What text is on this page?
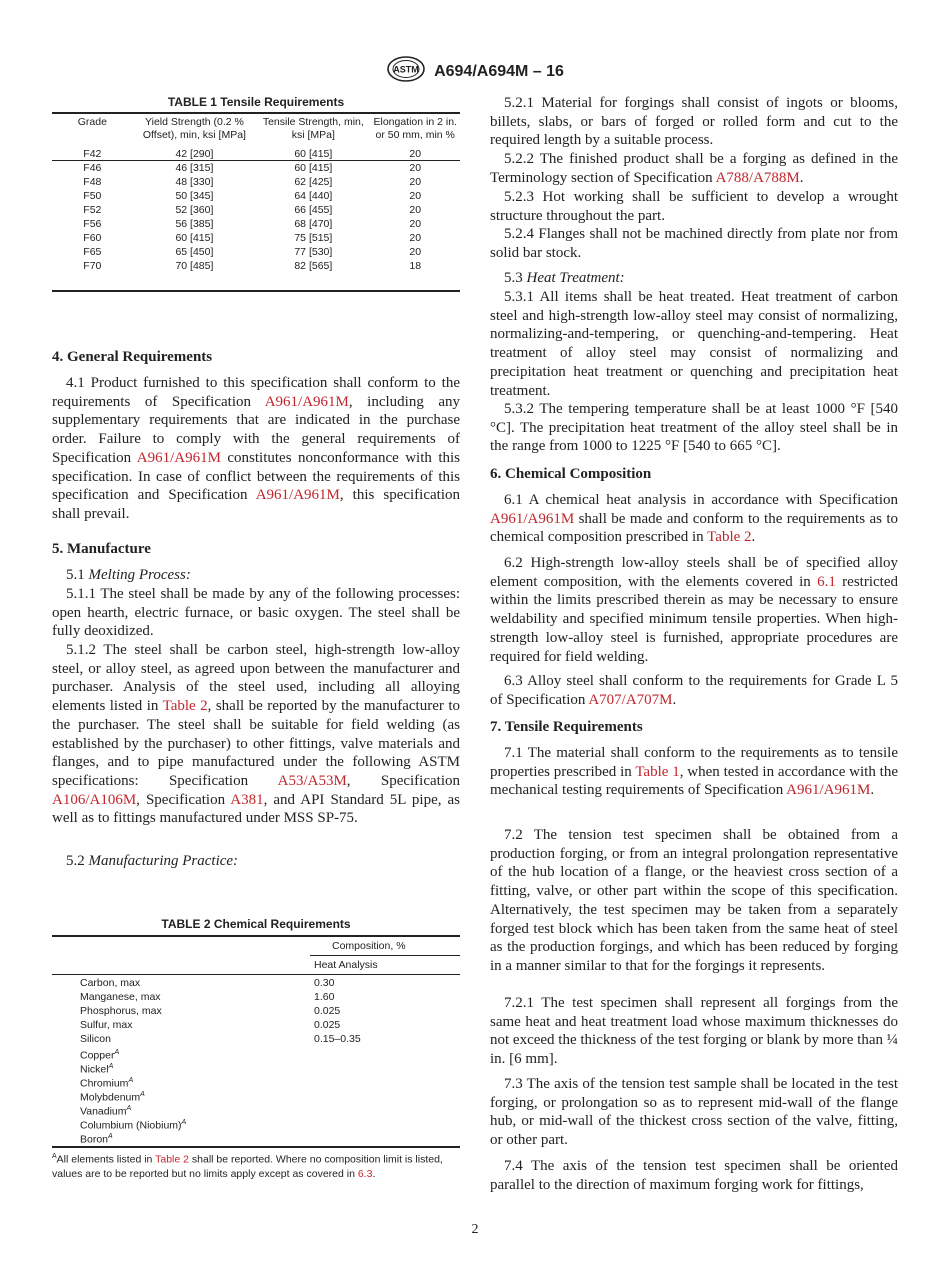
ASTM A694/A694M – 16
TABLE 1 Tensile Requirements
Grade	Yield Strength (0.2 % Offset), min, ksi [MPa]	Tensile Strength, min, ksi [MPa]	Elongation in 2 in. or 50 mm, min %
F42	42 [290]	60 [415]	20
F46	46 [315]	60 [415]	20
F48	48 [330]	62 [425]	20
F50	50 [345]	64 [440]	20
F52	52 [360]	66 [455]	20
F56	56 [385]	68 [470]	20
F60	60 [415]	75 [515]	20
F65	65 [450]	77 [530]	20
F70	70 [485]	82 [565]	18
4. General Requirements

4.1 Product furnished to this specification shall conform to the requirements of Specification A961/A961M, including any supplementary requirements that are indicated in the purchase order. Failure to comply with the general requirements of Specification A961/A961M constitutes nonconformance with this specification. In case of conflict between the requirements of this specification and Specification A961/A961M, this specification shall prevail.

5. Manufacture

5.1 Melting Process:

5.1.1 The steel shall be made by any of the following processes: open hearth, electric furnace, or basic oxygen. The steel shall be fully deoxidized.

5.1.2 The steel shall be carbon steel, high-strength low-alloy steel, or alloy steel, as agreed upon between the manufacturer and purchaser. Analysis of the steel used, including all alloying elements listed in Table 2, shall be reported by the manufacturer to the purchaser. The steel shall be suitable for field welding (as established by the purchaser) to other fittings, valve materials and flanges, and to pipe manufactured under the following ASTM specifications: Specification A53/A53M, Specification A106/A106M, Specification A381, and API Standard 5L pipe, as well as to fittings manufactured under MSS SP-75.

5.2 Manufacturing Practice:

TABLE 2 Chemical Requirements
Composition, %
Heat Analysis
Carbon, max	0.30
Manganese, max	1.60
Phosphorus, max	0.025
Sulfur, max	0.025
Silicon	0.15–0.35
Copper$^A$
Nickel$^A$
Chromium$^A$
Molybdenum$^A$
Vanadium$^A$
Columbium (Niobium)$^A$
Boron$^A$
$^A$All elements listed in Table 2 shall be reported. Where no composition limit is listed, values are to be reported but no limits apply except as covered in 6.3.

5.2.1 Material for forgings shall consist of ingots or blooms, billets, slabs, or bars of forged or rolled form and cut to the required length by a suitable process.

5.2.2 The finished product shall be a forging as defined in the Terminology section of Specification A788/A788M.

5.2.3 Hot working shall be sufficient to develop a wrought structure throughout the part.

5.2.4 Flanges shall not be machined directly from plate nor from solid bar stock.

5.3 Heat Treatment:

5.3.1 All items shall be heat treated. Heat treatment of carbon steel and high-strength low-alloy steel may consist of normalizing, normalizing-and-tempering, or quenching-and-tempering. Heat treatment of alloy steel may consist of normalizing and precipitation heat treatment or quenching and precipitation heat treatment.

5.3.2 The tempering temperature shall be at least 1000 °F [540 °C]. The precipitation heat treatment of the alloy steel shall be in the range from 1000 to 1225 °F [540 to 665 °C].

6. Chemical Composition

6.1 A chemical heat analysis in accordance with Specification A961/A961M shall be made and conform to the requirements as to chemical composition prescribed in Table 2.

6.2 High-strength low-alloy steels shall be of specified alloy element composition, with the elements covered in 6.1 restricted within the limits prescribed therein as may be necessary to ensure weldability and specified minimum tensile properties. When high-strength low-alloy steel is furnished, appropriate procedures are required for field welding.

6.3 Alloy steel shall conform to the requirements for Grade L 5 of Specification A707/A707M.

7. Tensile Requirements

7.1 The material shall conform to the requirements as to tensile properties prescribed in Table 1, when tested in accordance with the mechanical testing requirements of Specification A961/A961M.

7.2 The tension test specimen shall be obtained from a production forging, or from an integral prolongation representative of the hub location of a flange, or the heaviest cross section of a fitting, valve, or other part within the scope of this specification. Alternatively, the test specimen may be taken from a separately forged test block which has been taken from the same heat of steel as the production forgings, and which has been reduced by forging in a manner similar to that for the forgings it represents.

7.2.1 The test specimen shall represent all forgings from the same heat and heat treatment load whose maximum thicknesses do not exceed the thickness of the test forging or blank by more than ¼ in. [6 mm].

7.3 The axis of the tension test sample shall be located in the test forging, or prolongation so as to represent mid-wall of the flange hub, or mid-wall of the thickest cross section of the valve, fitting, or other part.

7.4 The axis of the tension test specimen shall be oriented parallel to the direction of maximum forging work for fittings,

2
